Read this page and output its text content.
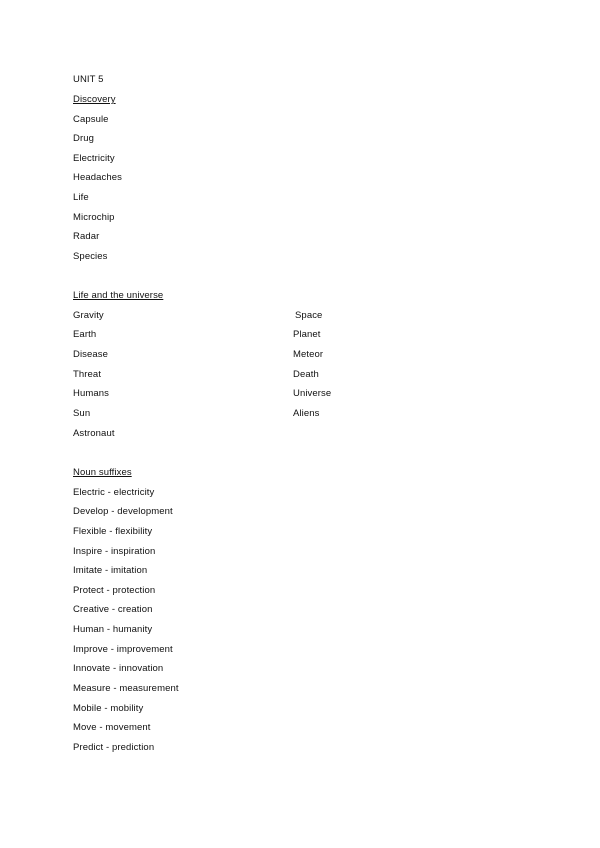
UNIT 5
Discovery
Capsule
Drug
Electricity
Headaches
Life
Microchip
Radar
Species
Life and the universe
Gravity
Earth
Disease
Threat
Humans
Sun
Astronaut
Space
Planet
Meteor
Death
Universe
Aliens
Noun suffixes
Electric - electricity
Develop - development
Flexible - flexibility
Inspire - inspiration
Imitate - imitation
Protect - protection
Creative - creation
Human - humanity
Improve - improvement
Innovate - innovation
Measure - measurement
Mobile - mobility
Move - movement
Predict - prediction
